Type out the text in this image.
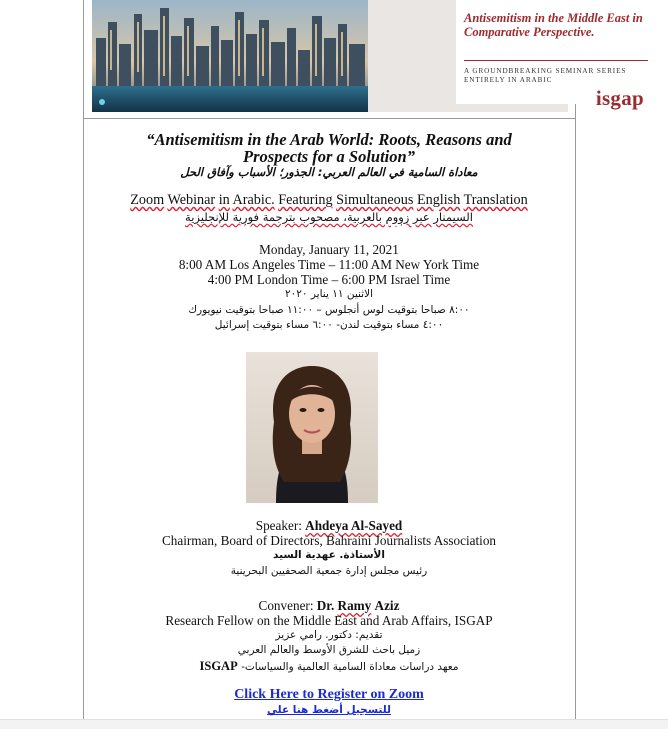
Antisemitism in the Middle East in Comparative Perspective.
A GROUNDBREAKING SEMINAR SERIES ENTIRELY IN ARABIC
isgap
“Antisemitism in the Arab World: Roots, Reasons and
Prospects for a Solution”
معاداة السامية في العالم العربي: الجذور؛ الأسباب وآفاق الحل
Zoom Webinar in Arabic. Featuring Simultaneous English Translation
السيمنار عبر زووم بالعربية، مصحوب بترجمة فورية للإنجليزية
Monday, January 11, 2021
8:00 AM Los Angeles Time – 11:00 AM New York Time
4:00 PM London Time – 6:00 PM Israel Time
الاثنين ١١ يناير ٢٠٢٠
٨:٠٠ صباحا بتوقيت لوس أنجلوس – ١١:٠٠ صباحا بتوقيت نيويورك
٤:٠٠ مساء بتوقيت لندن- ٦:٠٠ مساء بتوقيت إسرائيل
Speaker: Ahdeya Al-Sayed
Chairman, Board of Directors, Bahraini Journalists Association
الأستاذة. عهدية السيد
رئيس مجلس إدارة جمعية الصحفيين البحرينية
Convener: Dr. Ramy Aziz
Research Fellow on the Middle East and Arab Affairs, ISGAP
تقديم: دكتور. رامي عزيز
زميل باحث للشرق الأوسط والعالم العربي
معهد دراسات معاداة السامية العالمية والسياسات- ISGAP
Click Here to Register on Zoom
للتسجيل أضغط هنا علي
